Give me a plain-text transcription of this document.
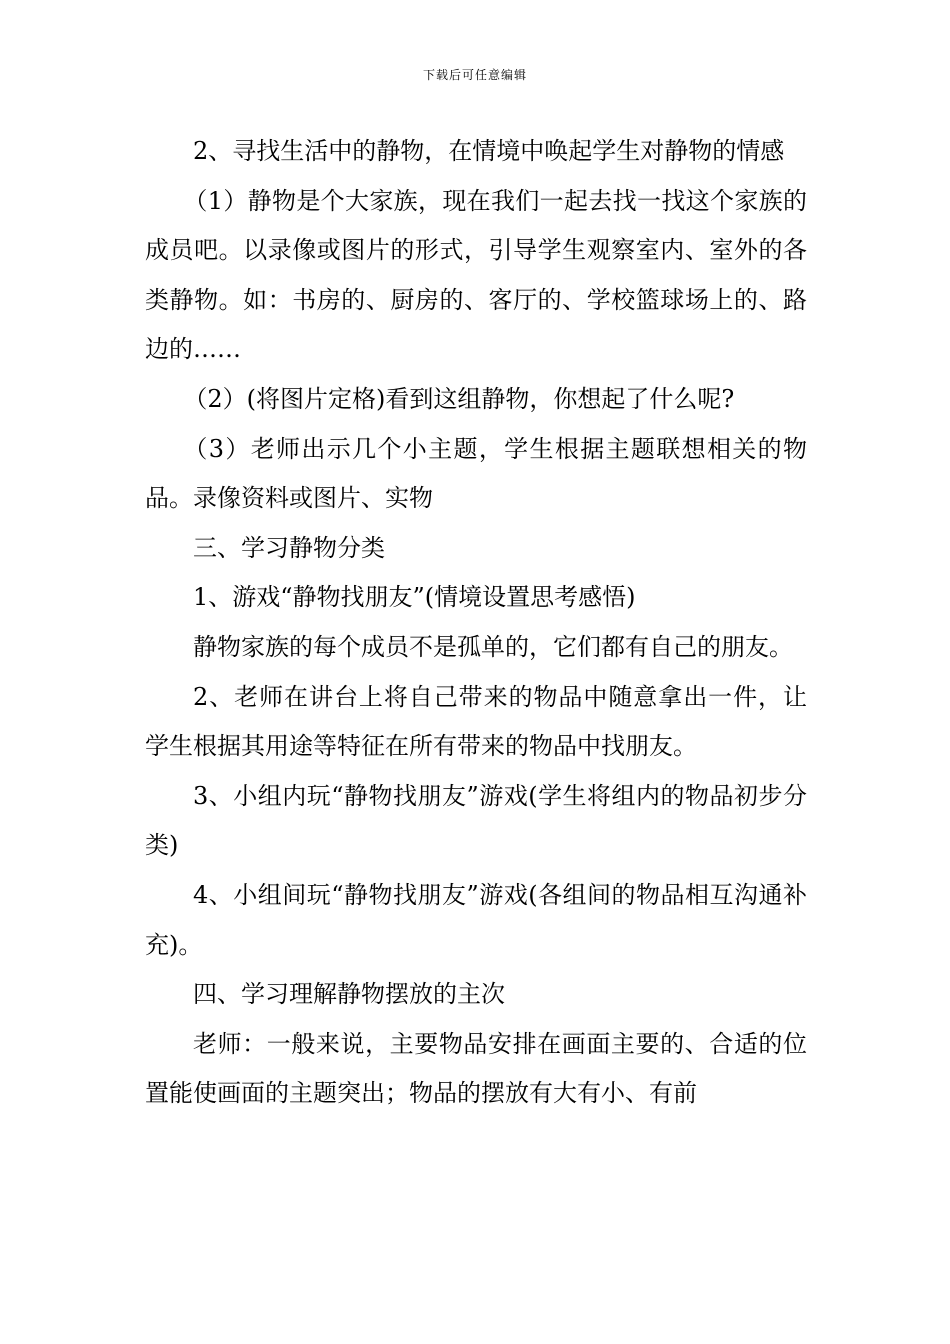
下载后可任意编辑

2、寻找生活中的静物，在情境中唤起学生对静物的情感

（1）静物是个大家族，现在我们一起去找一找这个家族的成员吧。以录像或图片的形式，引导学生观察室内、室外的各类静物。如：书房的、厨房的、客厅的、学校篮球场上的、路边的……

（2）(将图片定格)看到这组静物，你想起了什么呢?

（3）老师出示几个小主题，学生根据主题联想相关的物品。录像资料或图片、实物

三、学习静物分类

1、游戏“静物找朋友”(情境设置思考感悟)

静物家族的每个成员不是孤单的，它们都有自己的朋友。

2、老师在讲台上将自己带来的物品中随意拿出一件，让学生根据其用途等特征在所有带来的物品中找朋友。

3、小组内玩“静物找朋友”游戏(学生将组内的物品初步分类)

4、小组间玩“静物找朋友”游戏(各组间的物品相互沟通补充)。

四、学习理解静物摆放的主次

老师：一般来说，主要物品安排在画面主要的、合适的位置能使画面的主题突出；物品的摆放有大有小、有前
